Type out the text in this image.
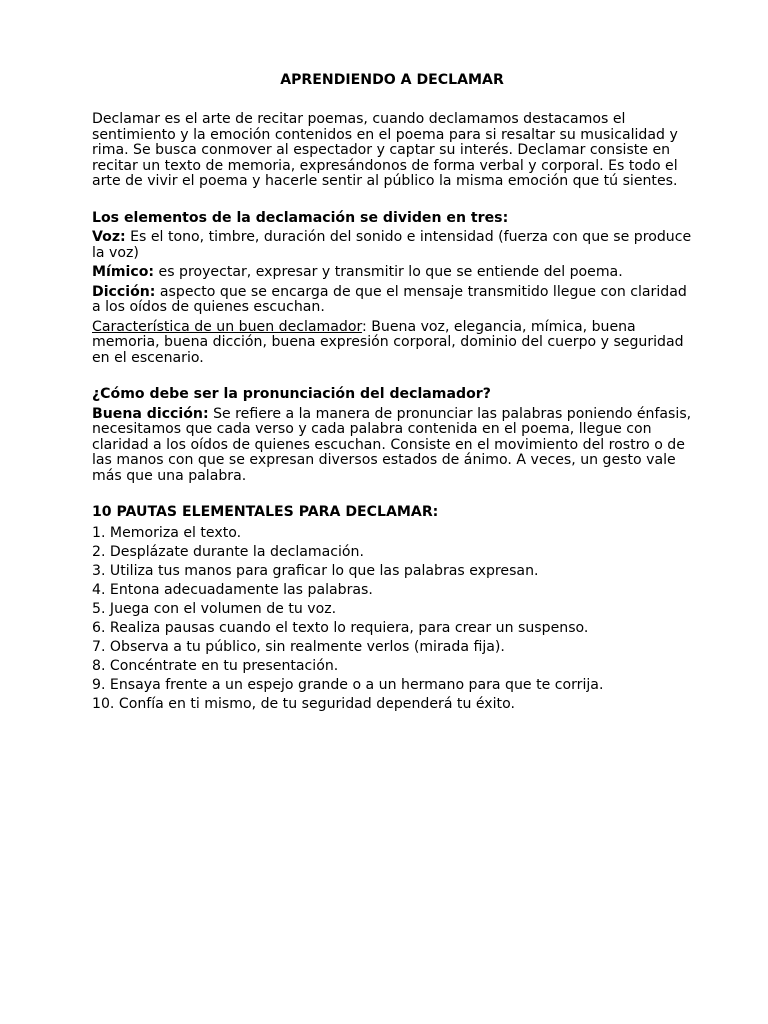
APRENDIENDO A DECLAMAR

Declamar es el arte de recitar poemas, cuando declamamos destacamos el sentimiento y la emoción contenidos en el poema para si resaltar su musicalidad y rima. Se busca conmover al espectador y captar su interés. Declamar consiste en recitar un texto de memoria, expresándonos de forma verbal y corporal. Es todo el arte de vivir el poema y hacerle sentir al público la misma emoción que tú sientes.

Los elementos de la declamación se dividen en tres:

Voz: Es el tono, timbre, duración del sonido e intensidad (fuerza con que se produce la voz)

Mímico: es proyectar, expresar y transmitir lo que se entiende del poema.

Dicción: aspecto que se encarga de que el mensaje transmitido llegue con claridad a los oídos de quienes escuchan.

Característica de un buen declamador: Buena voz, elegancia, mímica, buena memoria, buena dicción, buena expresión corporal, dominio del cuerpo y seguridad en el escenario.

¿Cómo debe ser la pronunciación del declamador?

Buena dicción: Se refiere a la manera de pronunciar las palabras poniendo énfasis, necesitamos que cada verso y cada palabra contenida en el poema, llegue con claridad a los oídos de quienes escuchan. Consiste en el movimiento del rostro o de las manos con que se expresan diversos estados de ánimo. A veces, un gesto vale más que una palabra.

10 PAUTAS ELEMENTALES PARA DECLAMAR:

1. Memoriza el texto.
2. Desplázate durante la declamación.
3. Utiliza tus manos para graficar lo que las palabras expresan.
4. Entona adecuadamente las palabras.
5. Juega con el volumen de tu voz.
6. Realiza pausas cuando el texto lo requiera, para crear un suspenso.
7. Observa a tu público, sin realmente verlos (mirada fija).
8. Concéntrate en tu presentación.
9. Ensaya frente a un espejo grande o a un hermano para que te corrija.
10. Confía en ti mismo, de tu seguridad dependerá tu éxito.
